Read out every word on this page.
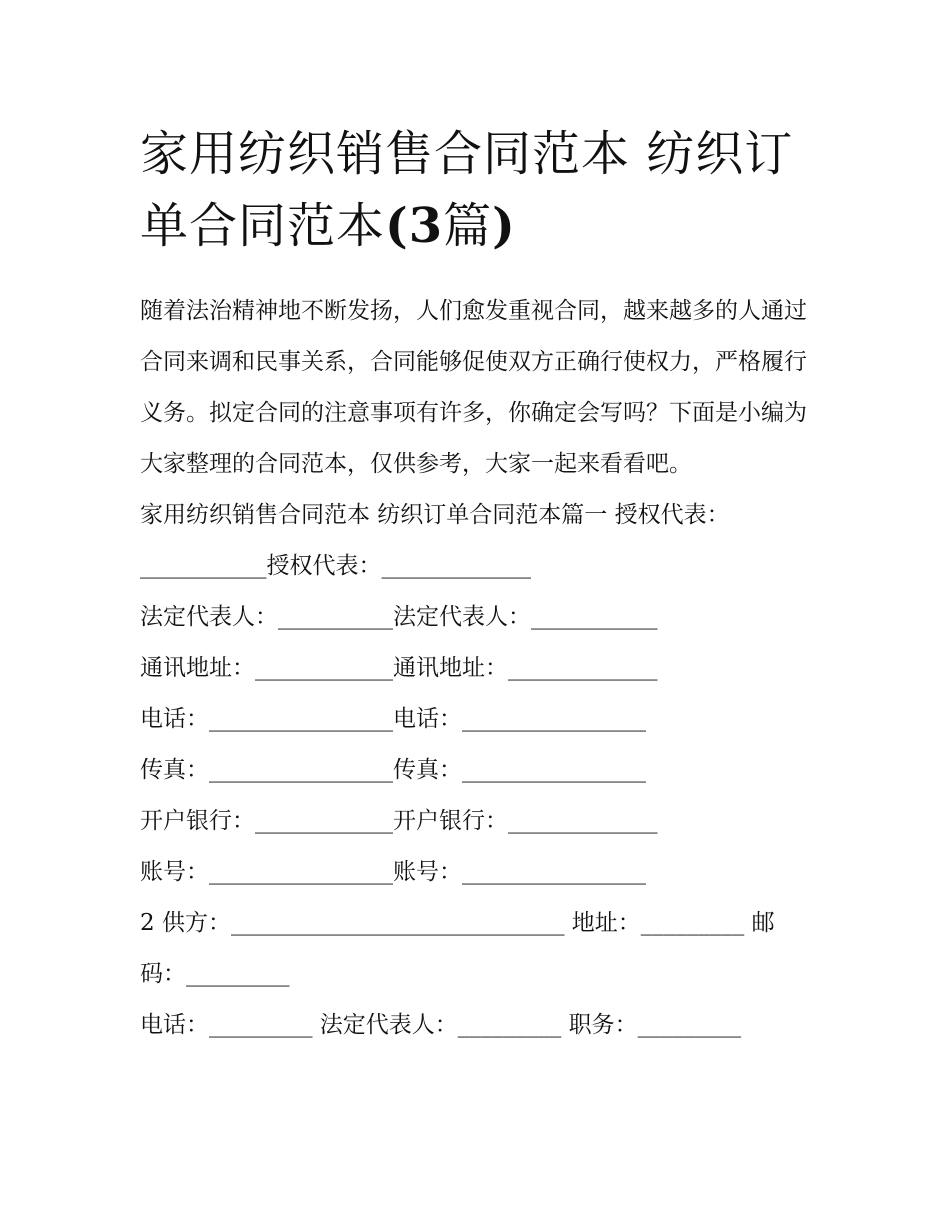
家用纺织销售合同范本 纺织订
单合同范本(3篇)

随着法治精神地不断发扬，人们愈发重视合同，越来越多的人通过合同来调和民事关系，合同能够促使双方正确行使权力，严格履行义务。拟定合同的注意事项有许多，你确定会写吗？下面是小编为大家整理的合同范本，仅供参考，大家一起来看看吧。

家用纺织销售合同范本 纺织订单合同范本篇一 授权代表：

___________授权代表：_____________

法定代表人：__________法定代表人：___________

通讯地址：____________通讯地址：_____________

电话：________________电话：________________

传真：________________传真：________________

开户银行：____________开户银行：_____________

账号：________________账号：________________

2 供方：_____________________________ 地址：_________ 邮码：_________

电话：_________ 法定代表人：_________ 职务：_________
